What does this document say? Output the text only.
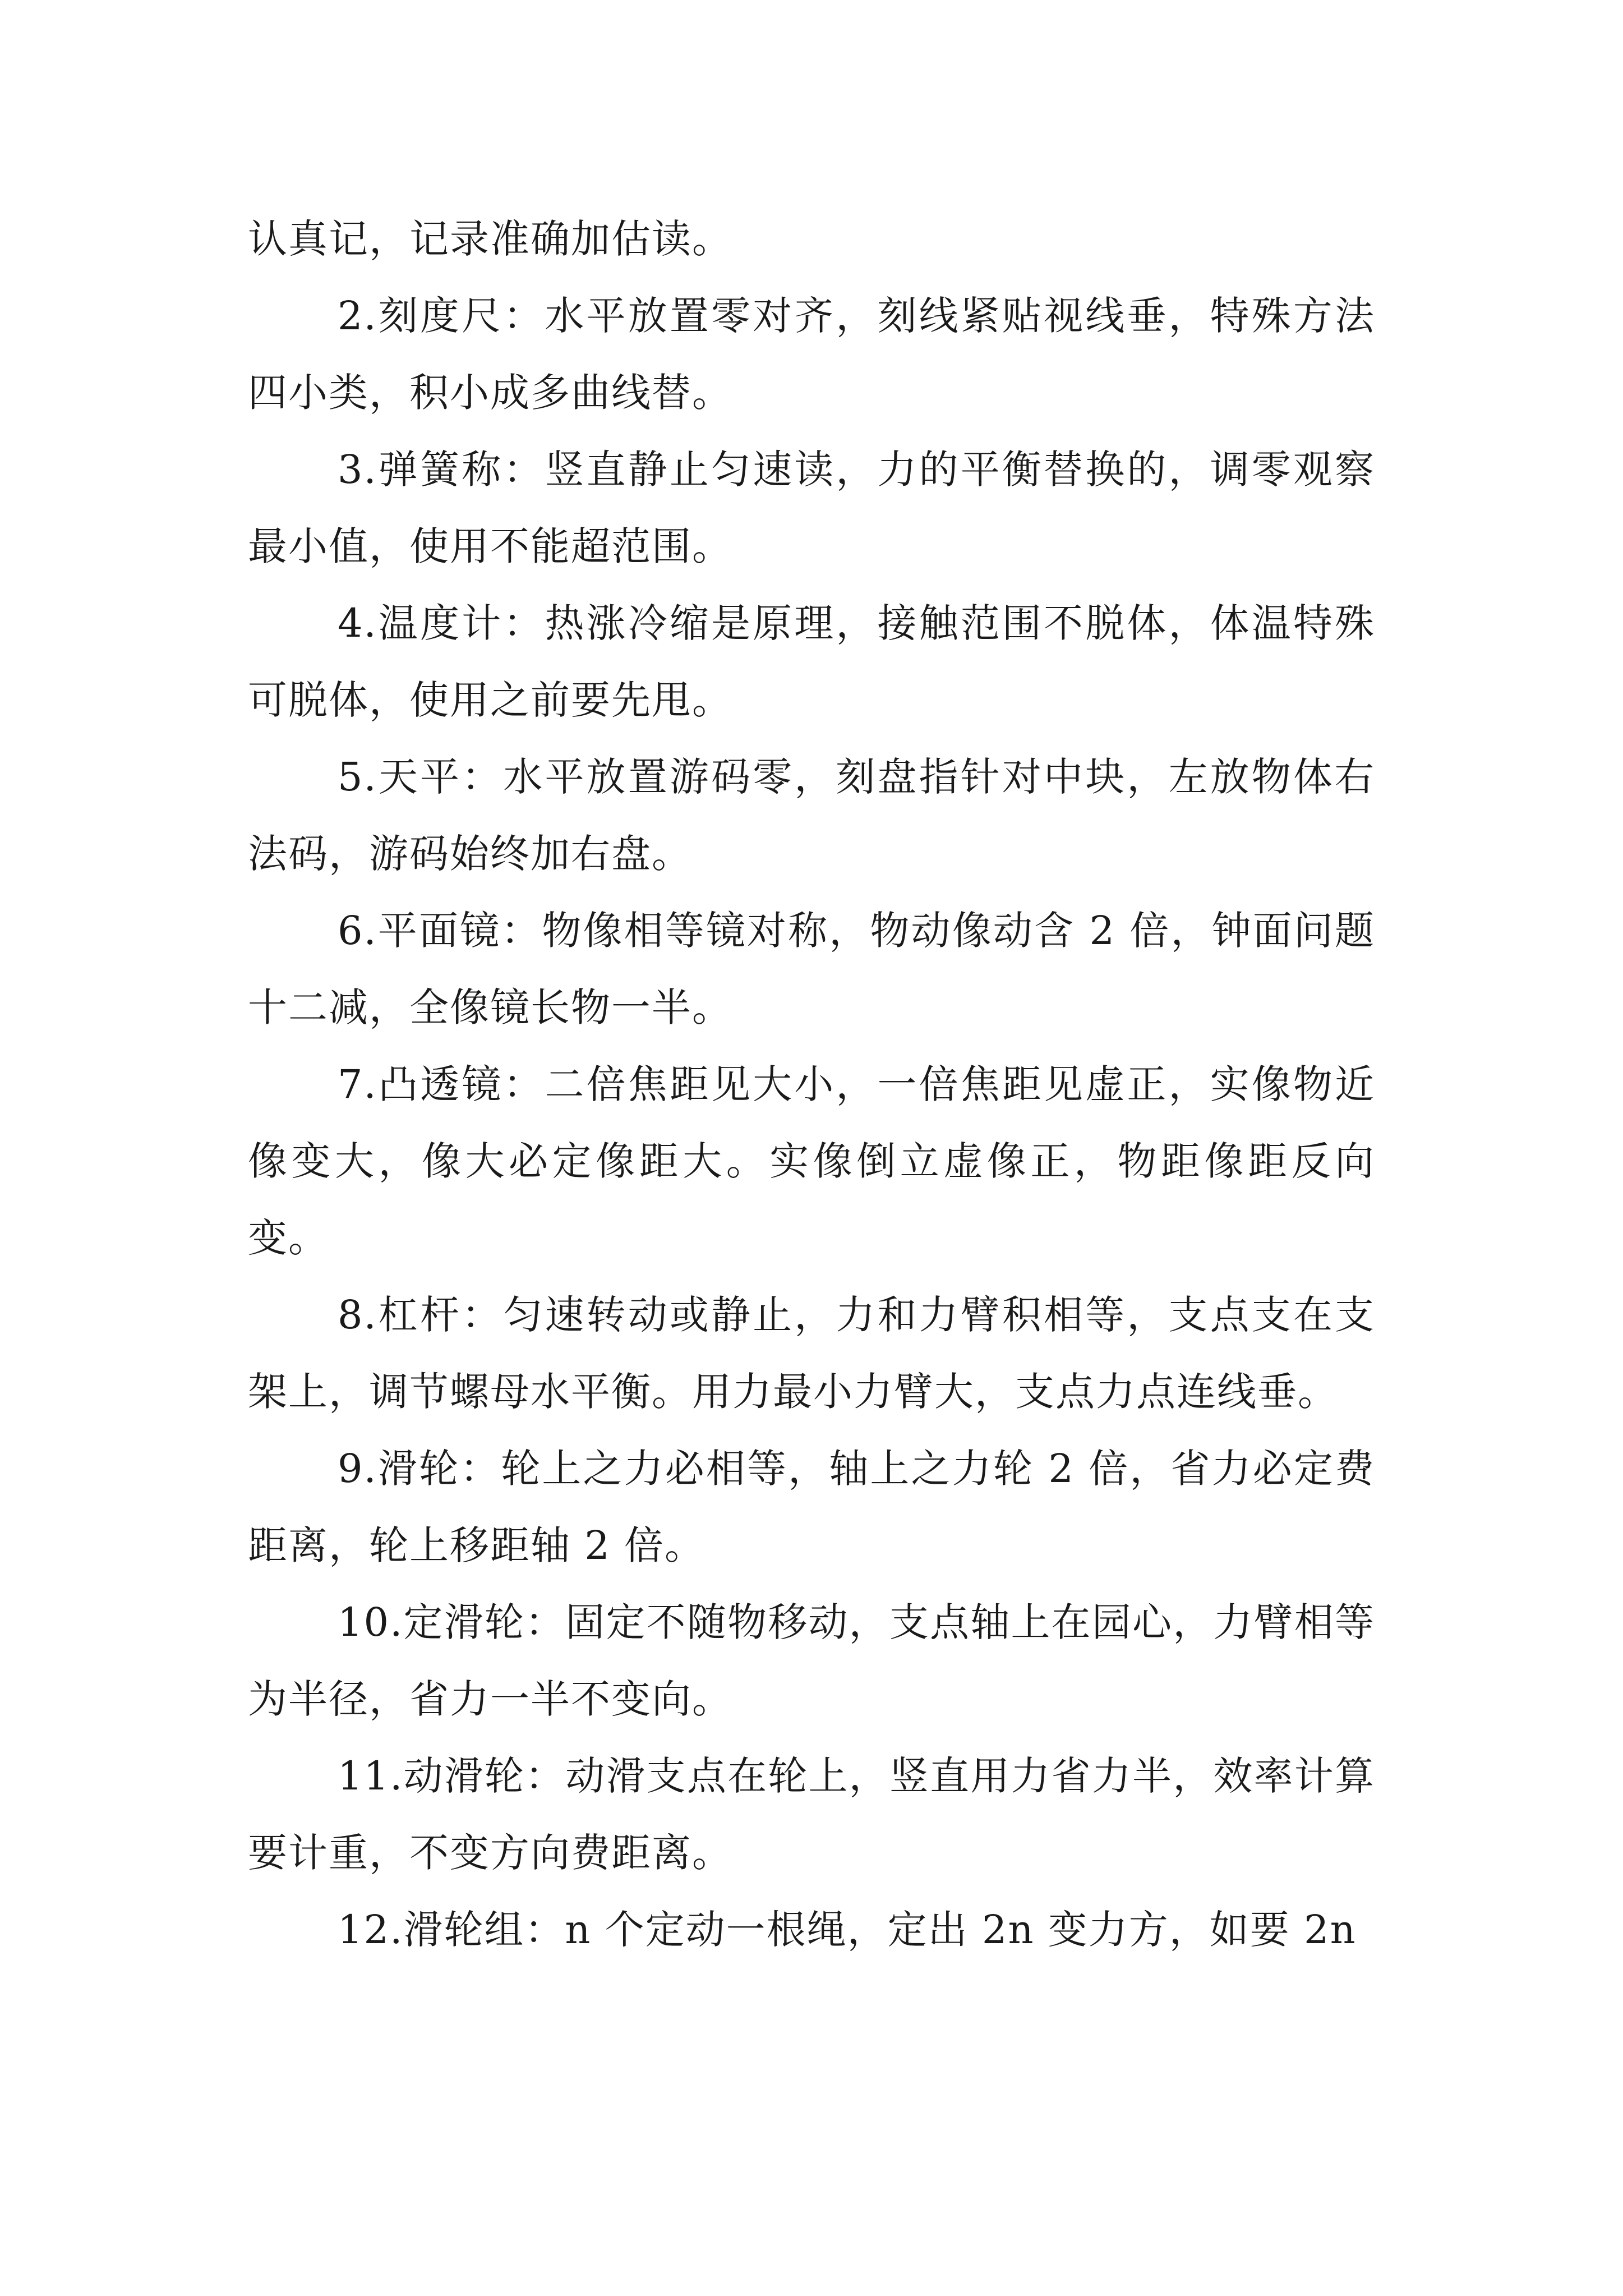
认真记，记录准确加估读。

2.刻度尺：水平放置零对齐，刻线紧贴视线垂，特殊方法四小类，积小成多曲线替。

3.弹簧称：竖直静止匀速读，力的平衡替换的，调零观察最小值，使用不能超范围。

4.温度计：热涨冷缩是原理，接触范围不脱体，体温特殊可脱体，使用之前要先甩。

5.天平：水平放置游码零，刻盘指针对中块，左放物体右法码，游码始终加右盘。

6.平面镜：物像相等镜对称，物动像动含 2 倍，钟面问题十二减，全像镜长物一半。

7.凸透镜：二倍焦距见大小，一倍焦距见虚正，实像物近像变大，像大必定像距大。实像倒立虚像正，物距像距反向变。

8.杠杆：匀速转动或静止，力和力臂积相等，支点支在支架上，调节螺母水平衡。用力最小力臂大，支点力点连线垂。

9.滑轮：轮上之力必相等，轴上之力轮 2 倍，省力必定费距离，轮上移距轴 2 倍。

10.定滑轮：固定不随物移动，支点轴上在园心，力臂相等为半径，省力一半不变向。

11.动滑轮：动滑支点在轮上，竖直用力省力半，效率计算要计重，不变方向费距离。

12.滑轮组：n 个定动一根绳，定出 2n 变力方，如要 2n
